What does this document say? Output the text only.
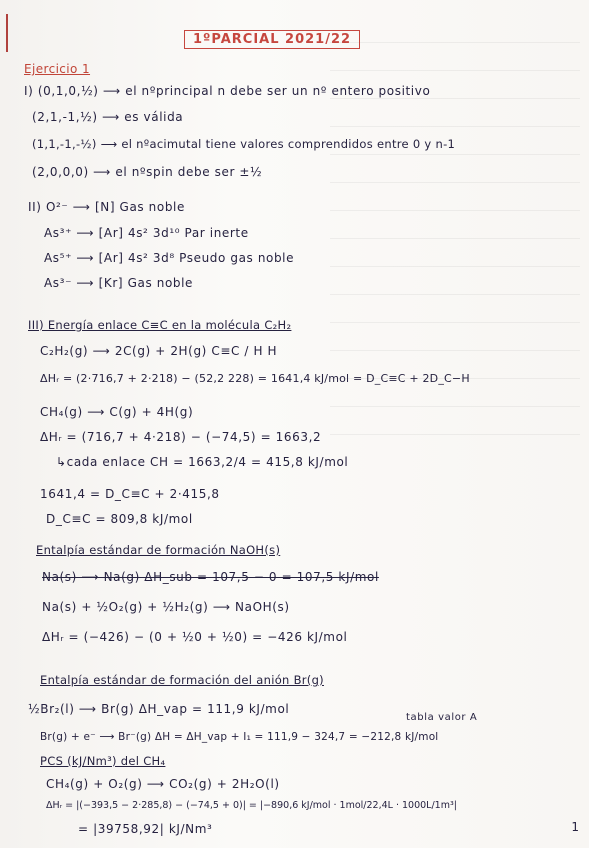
1ºPARCIAL 2021/22
Ejercicio 1
I) (0,1,0,½) ⟶ el nºprincipal n debe ser un nº entero positivo
(2,1,-1,½) ⟶ es válida
(1,1,-1,-½) ⟶ el nºacimutal tiene valores comprendidos entre 0 y n-1
(2,0,0,0) ⟶ el nºspin debe ser ±½
II) O²⁻ ⟶ [N] Gas noble
As³⁺ ⟶ [Ar] 4s² 3d¹⁰ Par inerte
As⁵⁺ ⟶ [Ar] 4s² 3d⁸ Pseudo gas noble
As³⁻ ⟶ [Kr] Gas noble
III) Energía enlace C≡C en la molécula C₂H₂
C₂H₂(g) ⟶ 2C(g) + 2H(g) C≡C / H H
ΔHᵣ = (2·716,7 + 2·218) − (52,2 228) = 1641,4 kJ/mol = D_C≡C + 2D_C−H
CH₄(g) ⟶ C(g) + 4H(g)
ΔHᵣ = (716,7 + 4·218) − (−74,5) = 1663,2
↳cada enlace CH = 1663,2/4 = 415,8 kJ/mol
1641,4 = D_C≡C + 2·415,8
D_C≡C = 809,8 kJ/mol
Entalpía estándar de formación NaOH(s)
Na(s) ⟶ Na(g) ΔH_sub = 107,5 − 0 = 107,5 kJ/mol
Na(s) + ½O₂(g) + ½H₂(g) ⟶ NaOH(s)
ΔHᵣ = (−426) − (0 + ½0 + ½0) = −426 kJ/mol
Entalpía estándar de formación del anión Br(g)
½Br₂(l) ⟶ Br(g) ΔH_vap = 111,9 kJ/mol
tabla valor A
Br(g) + e⁻ ⟶ Br⁻(g) ΔH = ΔH_vap + I₁ = 111,9 − 324,7 = −212,8 kJ/mol
PCS (kJ/Nm³) del CH₄
CH₄(g) + O₂(g) ⟶ CO₂(g) + 2H₂O(l)
ΔHᵣ = |(−393,5 − 2·285,8) − (−74,5 + 0)| = |−890,6 kJ/mol · 1mol/22,4L · 1000L/1m³|
= |39758,92| kJ/Nm³	1
